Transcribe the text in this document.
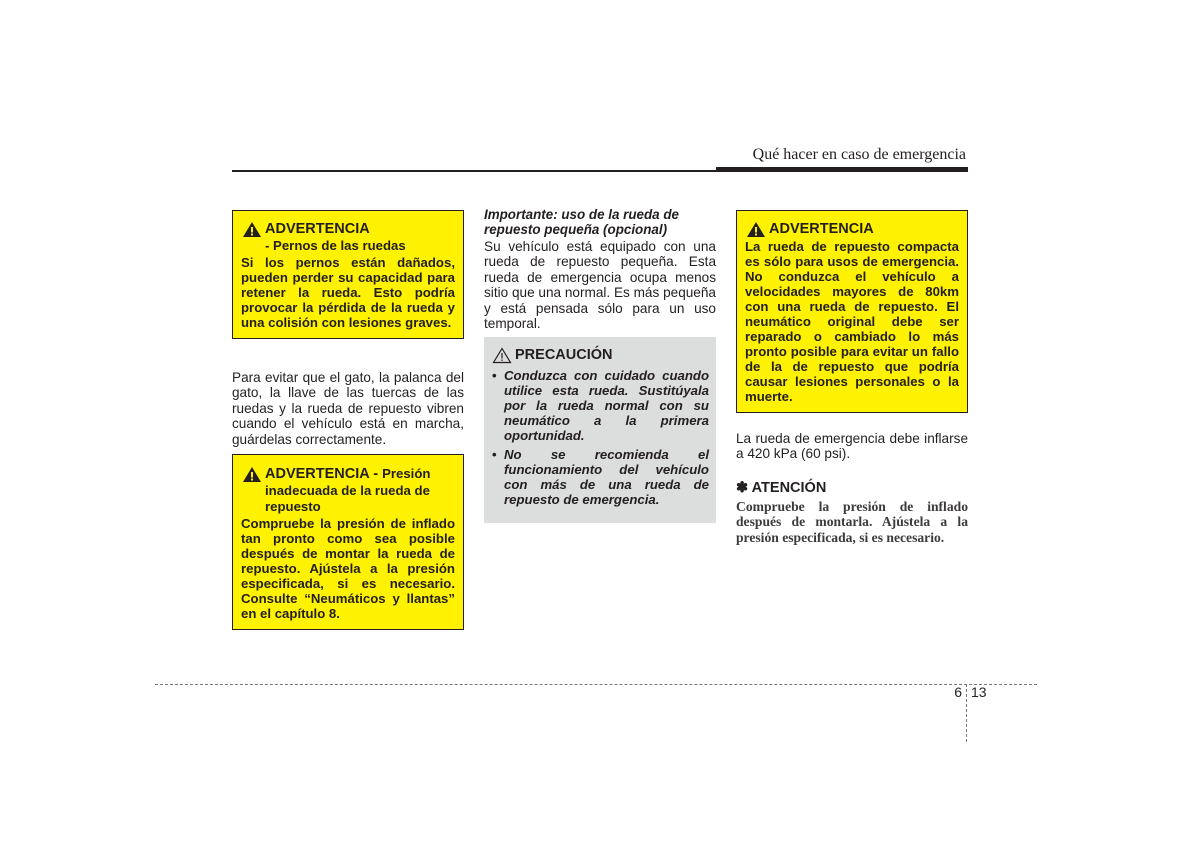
Qué hacer en caso de emergencia
ADVERTENCIA
- Pernos de las ruedas
Si los pernos están dañados, pueden perder su capacidad para retener la rueda. Esto podría provocar la pérdida de la rueda y una colisión con lesiones graves.
Para evitar que el gato, la palanca del gato, la llave de las tuercas de las ruedas y la rueda de repuesto vibren cuando el vehículo está en marcha, guárdelas correctamente.
ADVERTENCIA - Presión inadecuada de la rueda de repuesto
Compruebe la presión de inflado tan pronto como sea posible después de montar la rueda de repuesto. Ajústela a la presión especificada, si es necesario. Consulte “Neumáticos y llantas” en el capítulo 8.
Importante: uso de la rueda de repuesto pequeña (opcional)
Su vehículo está equipado con una rueda de repuesto pequeña. Esta rueda de emergencia ocupa menos sitio que una normal. Es más pequeña y está pensada sólo para un uso temporal.
PRECAUCIÓN
• Conduzca con cuidado cuando utilice esta rueda. Sustitúyala por la rueda normal con su neumático a la primera oportunidad.
• No se recomienda el funcionamiento del vehículo con más de una rueda de repuesto de emergencia.
ADVERTENCIA
La rueda de repuesto compacta es sólo para usos de emergencia. No conduzca el vehículo a velocidades mayores de 80km con una rueda de repuesto. El neumático original debe ser reparado o cambiado lo más pronto posible para evitar un fallo de la de repuesto que podría causar lesiones personales o la muerte.
La rueda de emergencia debe inflarse a 420 kPa (60 psi).
✽ ATENCIÓN
Compruebe la presión de inflado después de montarla. Ajústela a la presión especificada, si es necesario.
6 13
